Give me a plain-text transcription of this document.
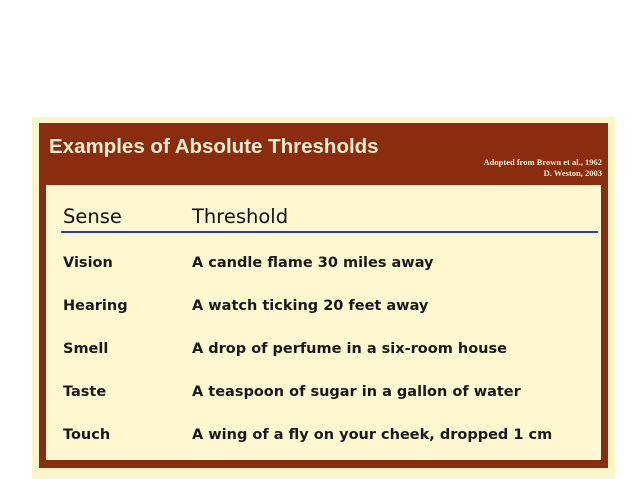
Examples of Absolute Thresholds
Adopted from Brown et al., 1962
D. Weston, 2003
Sense	Threshold
Vision	A candle flame 30 miles away
Hearing	A watch ticking 20 feet away
Smell	A drop of perfume in a six-room house
Taste	A teaspoon of sugar in a gallon of water
Touch	A wing of a fly on your cheek, dropped 1 cm
